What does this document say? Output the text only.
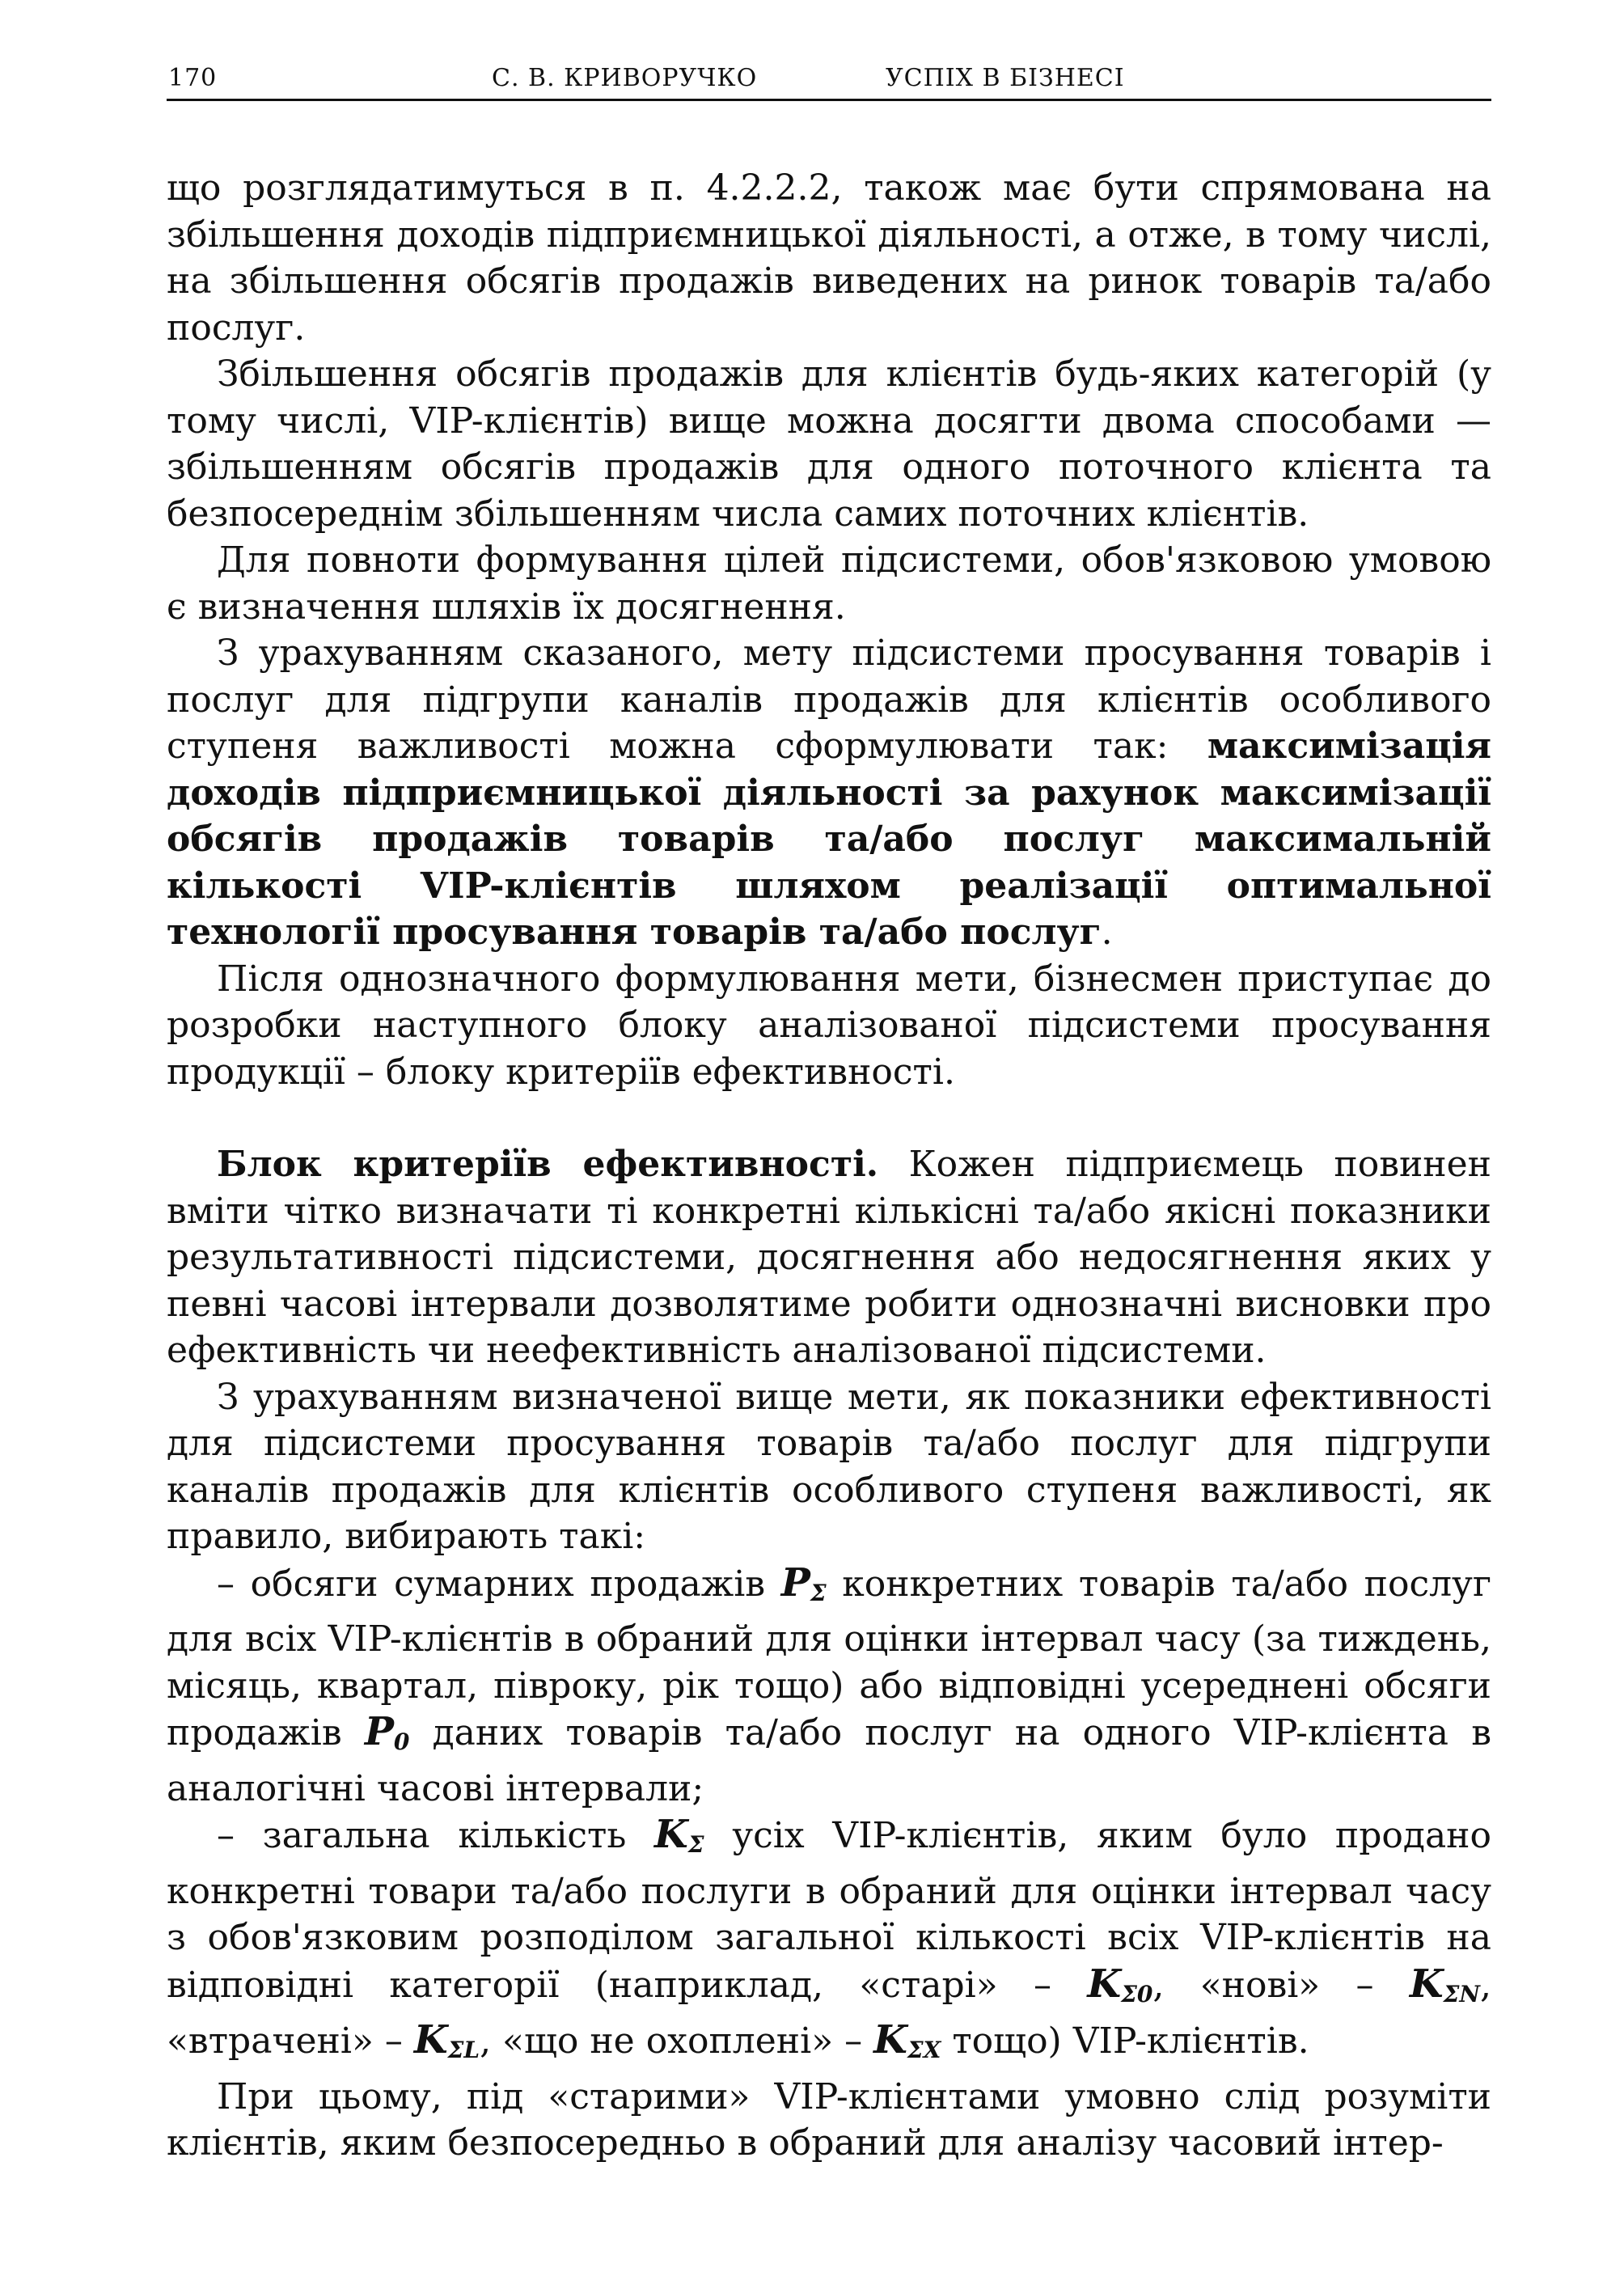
170	С. В. КРИВОРУЧКО	УСПІХ В БІЗНЕСІ

що розглядатимуться в п. 4.2.2.2, також має бути спрямована на збільшення доходів підприємницької діяльності, а отже, в тому числі, на збільшення обсягів продажів виведених на ринок товарів та/або послуг.

Збільшення обсягів продажів для клієнтів будь-яких категорій (у тому числі, VIP-клієнтів) вище можна досягти двома способами — збільшенням обсягів продажів для одного поточного клієнта та безпосереднім збільшенням числа самих поточних клієнтів.

Для повноти формування цілей підсистеми, обов'язковою умовою є визначення шляхів їх досягнення.

З урахуванням сказаного, мету підсистеми просування товарів і послуг для підгрупи каналів продажів для клієнтів особливого ступеня важливості можна сформулювати так: максимізація доходів підприємницької діяльності за рахунок максимізації обсягів продажів товарів та/або послуг максимальній кількості VIP-клієнтів шляхом реалізації оптимальної технології просування товарів та/або послуг.

Після однозначного формулювання мети, бізнесмен приступає до розробки наступного блоку аналізованої підсистеми просування продукції – блоку критеріїв ефективності.

Блок критеріїв ефективності. Кожен підприємець повинен вміти чітко визначати ті конкретні кількісні та/або якісні показники результативності підсистеми, досягнення або недосягнення яких у певні часові інтервали дозволятиме робити однозначні висновки про ефективність чи неефективність аналізованої підсистеми.

З урахуванням визначеної вище мети, як показники ефективності для підсистеми просування товарів та/або послуг для підгрупи каналів продажів для клієнтів особливого ступеня важливості, як правило, вибирають такі:

– обсяги сумарних продажів $P_\Sigma$ конкретних товарів та/або послуг для всіх VIP-клієнтів в обраний для оцінки інтервал часу (за тиждень, місяць, квартал, півроку, рік тощо) або відповідні усереднені обсяги продажів $P_0$ даних товарів та/або послуг на одного VIP-клієнта в аналогічні часові інтервали;

– загальна кількість $K_\Sigma$ усіх VIP-клієнтів, яким було продано конкретні товари та/або послуги в обраний для оцінки інтервал часу з обов'язковим розподілом загальної кількості всіх VIP-клієнтів на відповідні категорії (наприклад, «старі» – $K_{\Sigma 0}$, «нові» – $K_{\Sigma N}$, «втрачені» – $K_{\Sigma L}$, «що не охоплені» – $K_{\Sigma X}$ тощо) VIP-клієнтів.

При цьому, під «старими» VIP-клієнтами умовно слід розуміти клієнтів, яким безпосередньо в обраний для аналізу часовий інтер-
